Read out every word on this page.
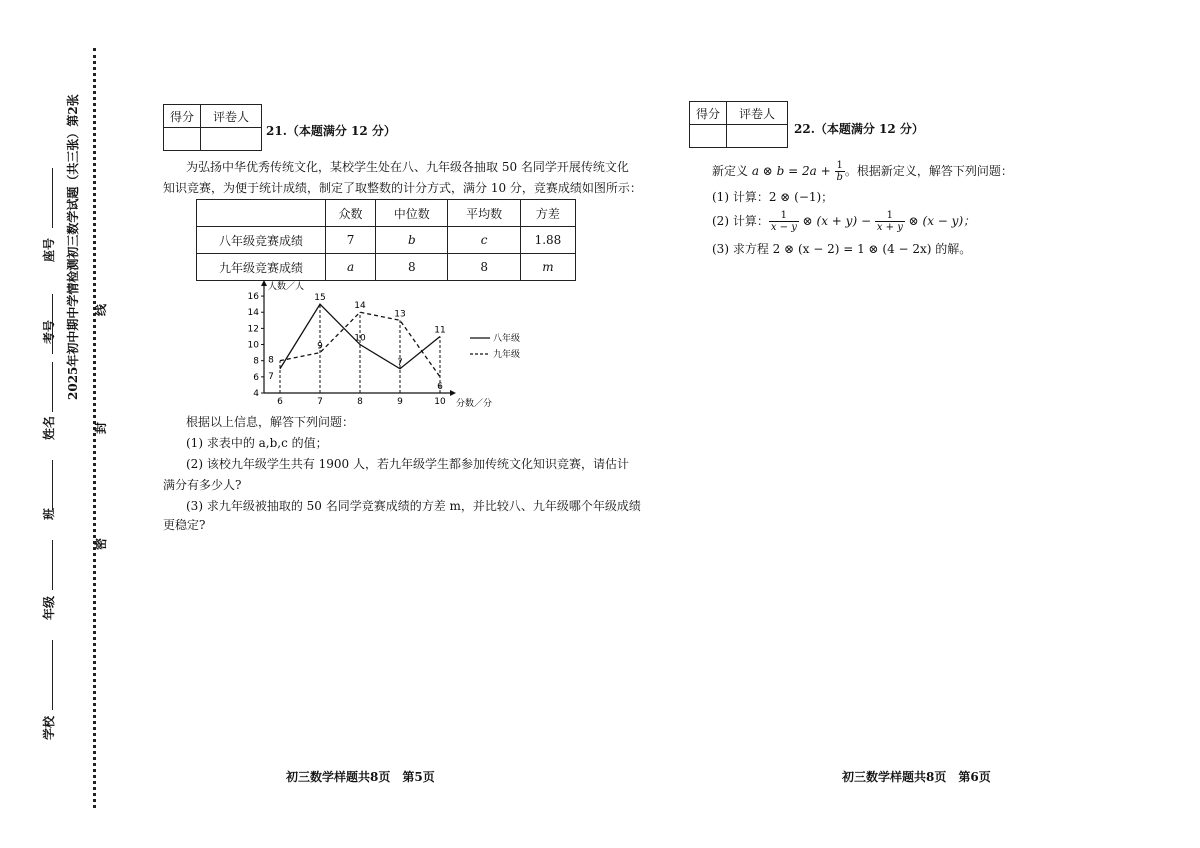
2025年初中期中学情检测初三数学试题（共三张）第2张 线
封
密
座号
考号
姓名
班
年级
学校
得分	评卷人

21.（本题满分 12 分）
为弘扬中华优秀传统文化，某校学生处在八、九年级各抽取 50 名同学开展传统文化
知识竞赛，为便于统计成绩，制定了取整数的计分方式，满分 10 分，竞赛成绩如图所示：
	众数	中位数	平均数	方差
八年级竞赛成绩	7	b	c	1.88
九年级竞赛成绩	a	8	8	m
人数／人
分数／分
4
6
8
10
12
14
16
6	7	8	9	10
7
15
10
7
11
8
9
14
13
6
八年级
九年级
根据以上信息，解答下列问题：
(1) 求表中的 a,b,c 的值；
(2) 该校九年级学生共有 1900 人，若九年级学生都参加传统文化知识竞赛，请估计
满分有多少人?
(3) 求九年级被抽取的 50 名同学竞赛成绩的方差 m，并比较八、九年级哪个年级成绩
更稳定?
初三数学样题共8页　第5页
得分	评卷人

22.（本题满分 12 分）
新定义 a ⊗ $b = 2a + \frac{1}{b}$ 。根据新定义，解答下列问题：
(1) 计算：2 ⊗ (−1)；
(2) 计算： $\frac{1}{x - y}$ ⊗ $(x + y) - \frac{1}{x + y}$ ⊗ (x − y)；
(3) 求方程 2 ⊗ (x − 2) = 1 ⊗ (4 − 2x) 的解。
初三数学样题共8页　第6页
